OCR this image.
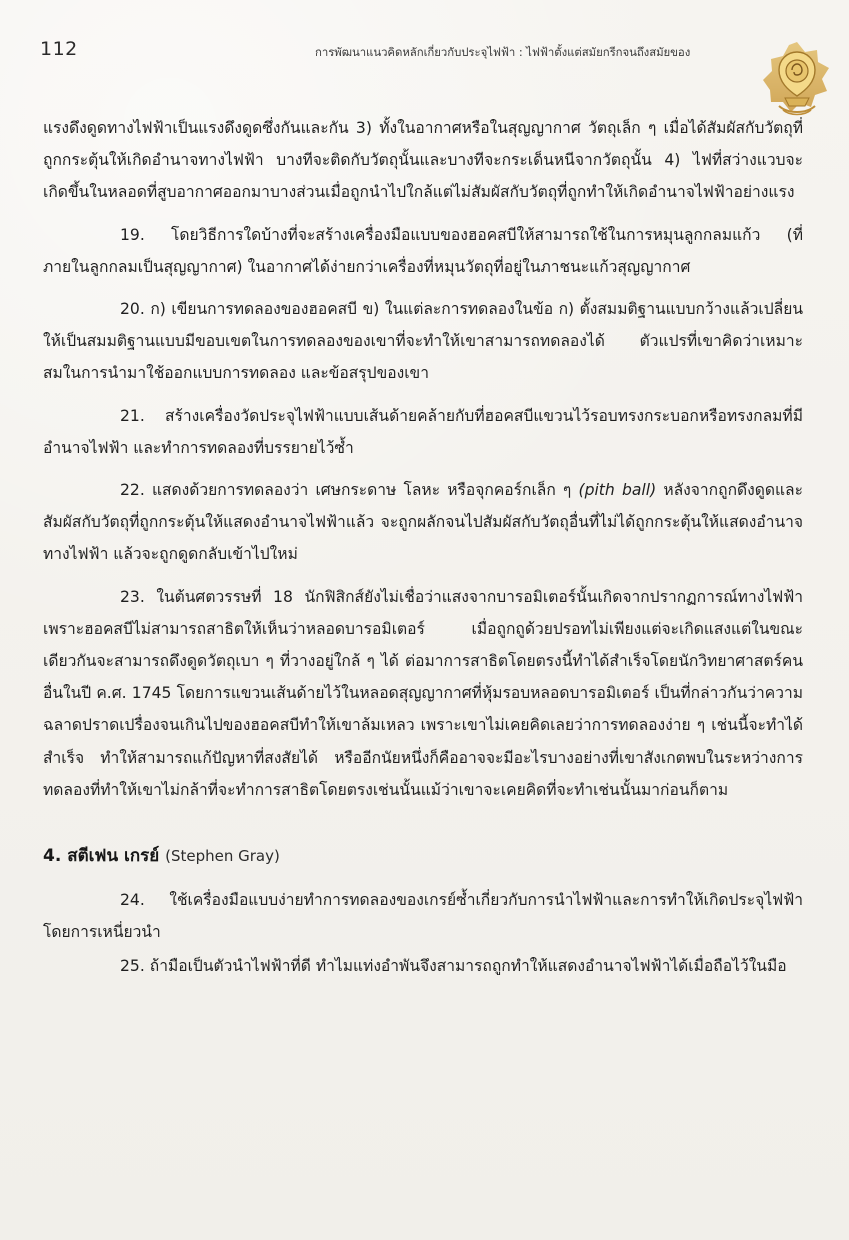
112	การพัฒนาแนวคิดหลักเกี่ยวกับประจุไฟฟ้า : ไฟฟ้าตั้งแต่สมัยกรีกจนถึงสมัยของ

แรงดึงดูดทางไฟฟ้าเป็นแรงดึงดูดซึ่งกันและกัน 3) ทั้งในอากาศหรือในสุญญากาศ วัตถุเล็ก ๆ เมื่อได้สัมผัสกับวัตถุที่ถูกกระตุ้นให้เกิดอำนาจทางไฟฟ้า บางทีจะติดกับวัตถุนั้นและบางทีจะกระเด็นหนีจากวัตถุนั้น 4) ไฟที่สว่างแวบจะเกิดขึ้นในหลอดที่สูบอากาศออกมาบางส่วนเมื่อถูกนำไปใกล้แต่ไม่สัมผัสกับวัตถุที่ถูกทำให้เกิดอำนาจไฟฟ้าอย่างแรง

19. โดยวิธีการใดบ้างที่จะสร้างเครื่องมือแบบของฮอคสบีให้สามารถใช้ในการหมุนลูกกลมแก้ว (ที่ภายในลูกกลมเป็นสุญญากาศ) ในอากาศได้ง่ายกว่าเครื่องที่หมุนวัตถุที่อยู่ในภาชนะแก้วสุญญากาศ

20. ก) เขียนการทดลองของฮอคสบี ข) ในแต่ละการทดลองในข้อ ก) ตั้งสมมติฐานแบบกว้างแล้วเปลี่ยนให้เป็นสมมติฐานแบบมีขอบเขตในการทดลองของเขาที่จะทำให้เขาสามารถทดลองได้ ตัวแปรที่เขาคิดว่าเหมาะสมในการนำมาใช้ออกแบบการทดลอง และข้อสรุปของเขา

21. สร้างเครื่องวัดประจุไฟฟ้าแบบเส้นด้ายคล้ายกับที่ฮอคสบีแขวนไว้รอบทรงกระบอกหรือทรงกลมที่มีอำนาจไฟฟ้า และทำการทดลองที่บรรยายไว้ซ้ำ

22. แสดงด้วยการทดลองว่า เศษกระดาษ โลหะ หรือจุกคอร์กเล็ก ๆ (pith ball) หลังจากถูกดึงดูดและสัมผัสกับวัตถุที่ถูกกระตุ้นให้แสดงอำนาจไฟฟ้าแล้ว จะถูกผลักจนไปสัมผัสกับวัตถุอื่นที่ไม่ได้ถูกกระตุ้นให้แสดงอำนาจทางไฟฟ้า แล้วจะถูกดูดกลับเข้าไปใหม่

23. ในต้นศตวรรษที่ 18 นักฟิสิกส์ยังไม่เชื่อว่าแสงจากบารอมิเตอร์นั้นเกิดจากปรากฏการณ์ทางไฟฟ้า เพราะฮอคสบีไม่สามารถสาธิตให้เห็นว่าหลอดบารอมิเตอร์ เมื่อถูกถูด้วยปรอทไม่เพียงแต่จะเกิดแสงแต่ในขณะเดียวกันจะสามารถดึงดูดวัตถุเบา ๆ ที่วางอยู่ใกล้ ๆ ได้ ต่อมาการสาธิตโดยตรงนี้ทำได้สำเร็จโดยนักวิทยาศาสตร์คนอื่นในปี ค.ศ. 1745 โดยการแขวนเส้นด้ายไว้ในหลอดสุญญากาศที่หุ้มรอบหลอดบารอมิเตอร์ เป็นที่กล่าวกันว่าความฉลาดปราดเปรื่องจนเกินไปของฮอคสบีทำให้เขาล้มเหลว เพราะเขาไม่เคยคิดเลยว่าการทดลองง่าย ๆ เช่นนี้จะทำได้สำเร็จ ทำให้สามารถแก้ปัญหาที่สงสัยได้ หรืออีกนัยหนึ่งก็คืออาจจะมีอะไรบางอย่างที่เขาสังเกตพบในระหว่างการทดลองที่ทำให้เขาไม่กล้าที่จะทำการสาธิตโดยตรงเช่นนั้นแม้ว่าเขาจะเคยคิดที่จะทำเช่นนั้นมาก่อนก็ตาม

4. สตีเฟน เกรย์ (Stephen Gray)

24. ใช้เครื่องมือแบบง่ายทำการทดลองของเกรย์ซ้ำเกี่ยวกับการนำไฟฟ้าและการทำให้เกิดประจุไฟฟ้า โดยการเหนี่ยวนำ

25. ถ้ามือเป็นตัวนำไฟฟ้าที่ดี ทำไมแท่งอำพันจึงสามารถถูกทำให้แสดงอำนาจไฟฟ้าได้เมื่อถือไว้ในมือ
